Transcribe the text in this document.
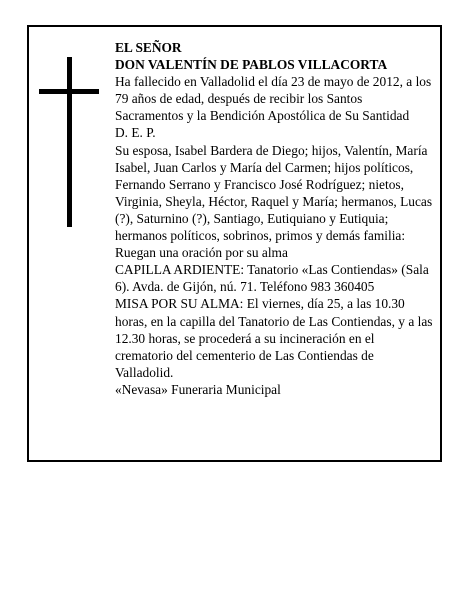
EL SEÑOR

DON VALENTÍN DE PABLOS VILLACORTA

Ha fallecido en Valladolid el día 23 de mayo de 2012, a los 79 años de edad, después de recibir los Santos Sacramentos y la Bendición Apostólica de Su Santidad

D. E. P.

Su esposa, Isabel Bardera de Diego; hijos, Valentín, María Isabel, Juan Carlos y María del Carmen; hijos políticos, Fernando Serrano y Francisco José Rodríguez; nietos, Virginia, Sheyla, Héctor, Raquel y María; hermanos, Lucas (?), Saturnino (?), Santiago, Eutiquiano y Eutiquia; hermanos políticos, sobrinos, primos y demás familia:

Ruegan una oración por su alma

CAPILLA ARDIENTE: Tanatorio «Las Contiendas» (Sala 6). Avda. de Gijón, nú. 71. Teléfono 983 360405

MISA POR SU ALMA: El viernes, día 25, a las 10.30 horas, en la capilla del Tanatorio de Las Contiendas, y a las 12.30 horas, se procederá a su incineración en el crematorio del cementerio de Las Contiendas de Valladolid.

«Nevasa» Funeraria Municipal
